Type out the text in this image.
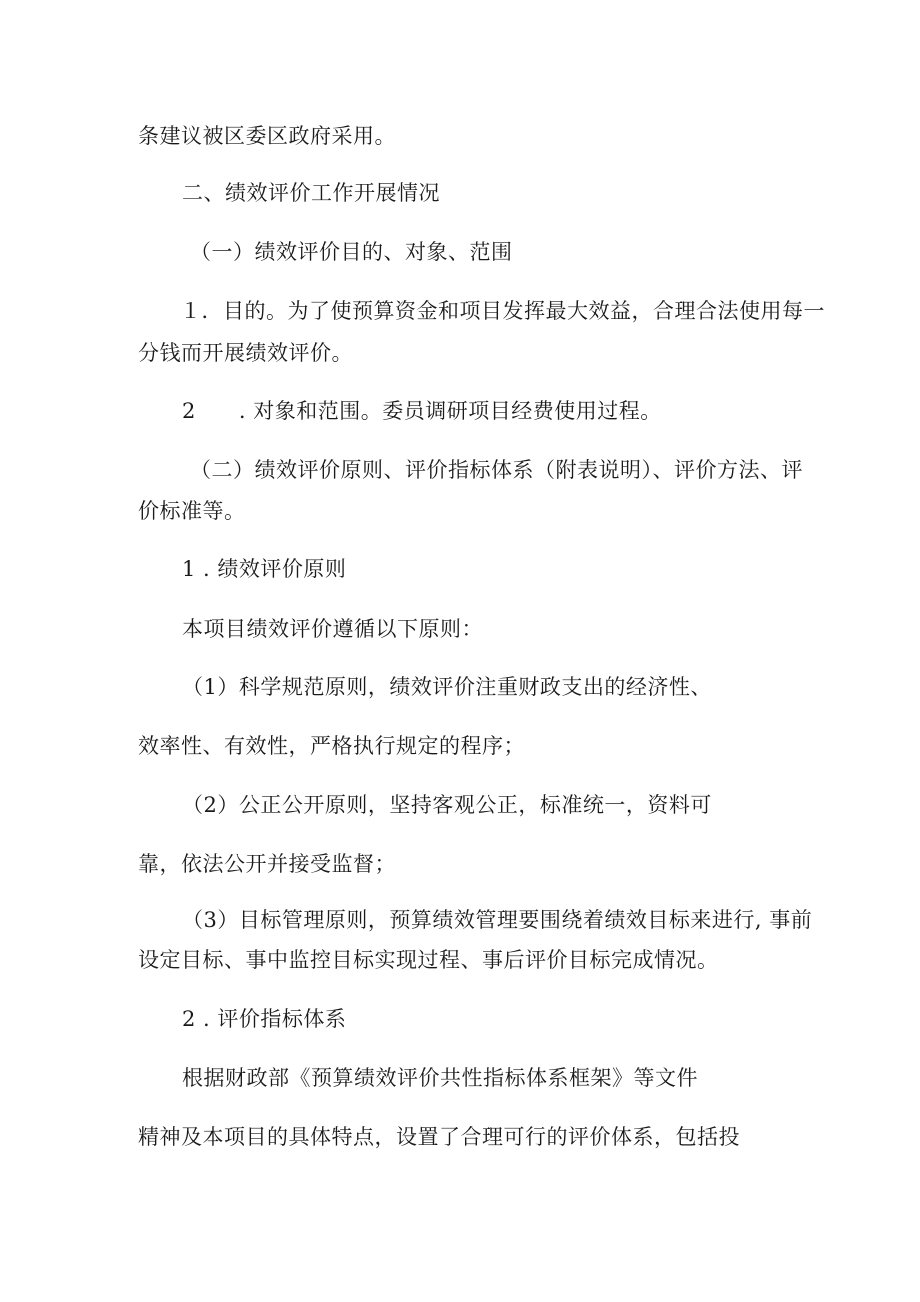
条建议被区委区政府采用。
二、绩效评价工作开展情况
（一）绩效评价目的、对象、范围
１．目的。为了使预算资金和项目发挥最大效益，合理合法使用每一
分钱而开展绩效评价。
2　　. 对象和范围。委员调研项目经费使用过程。
（二）绩效评价原则、评价指标体系（附表说明）、评价方法、评
价标准等。
1 . 绩效评价原则
本项目绩效评价遵循以下原则：
（1）科学规范原则，绩效评价注重财政支出的经济性、
效率性、有效性，严格执行规定的程序；
（2）公正公开原则，坚持客观公正，标准统一，资料可
靠，依法公开并接受监督；
（3）目标管理原则，预算绩效管理要围绕着绩效目标来进行, 事前
设定目标、事中监控目标实现过程、事后评价目标完成情况。
2 . 评价指标体系
根据财政部《预算绩效评价共性指标体系框架》等文件
精神及本项目的具体特点，设置了合理可行的评价体系，包括投
